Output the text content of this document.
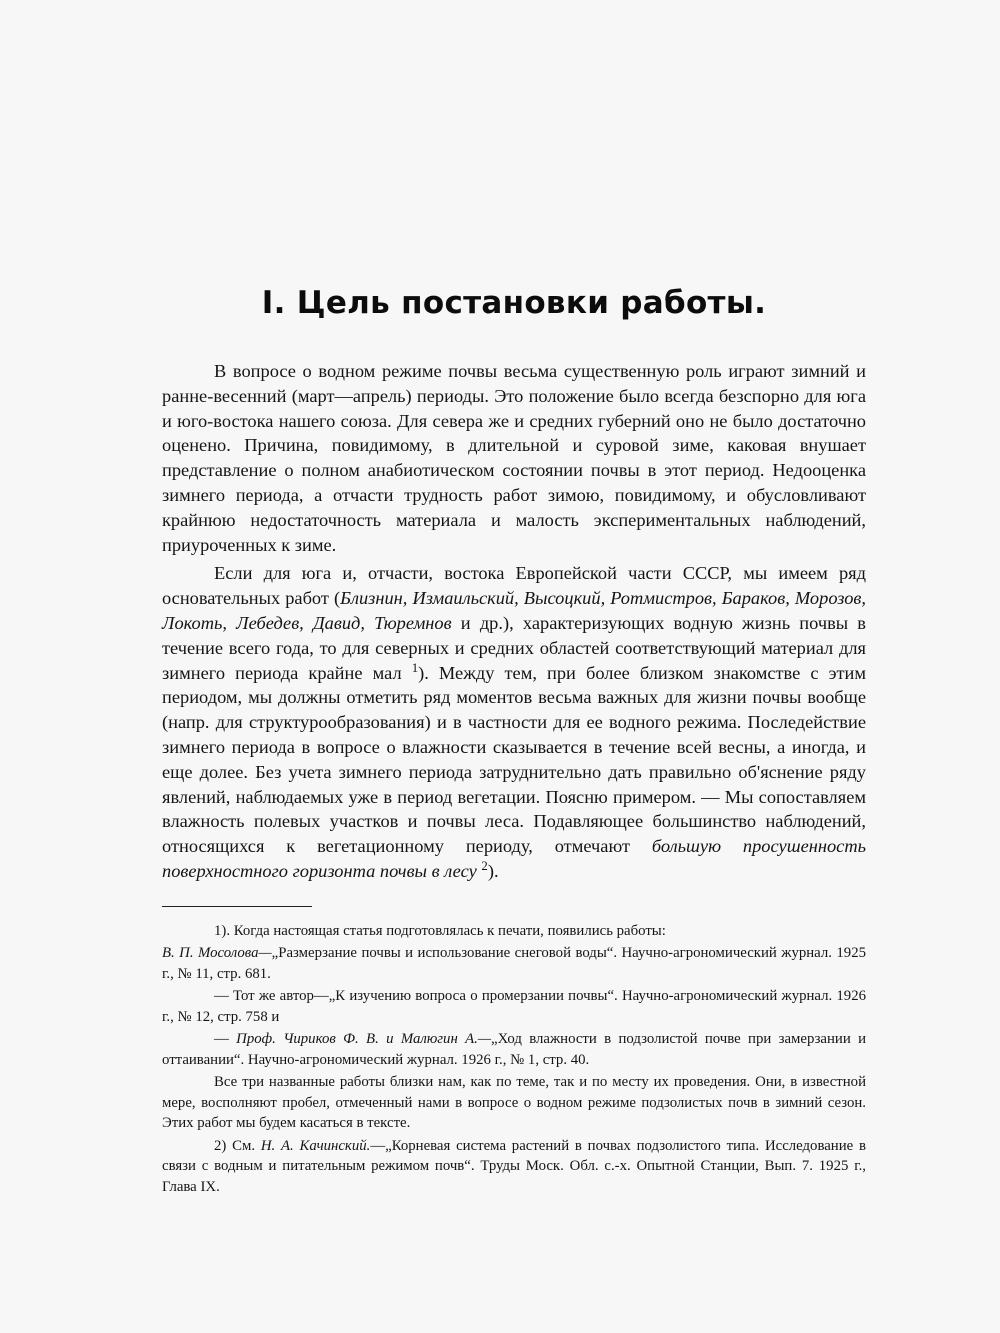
I. Цель постановки работы.

В вопросе о водном режиме почвы весьма существенную роль играют зимний и ранне-весенний (март—апрель) периоды. Это положение было всегда безспорно для юга и юго-востока нашего союза. Для севера же и средних губерний оно не было достаточно оценено. Причина, повидимому, в длительной и суровой зиме, каковая внушает представление о полном анабиотическом состоянии почвы в этот период. Недооценка зимнего периода, а отчасти трудность работ зимою, повидимому, и обусловливают крайнюю недостаточность материала и малость экспериментальных наблюдений, приуроченных к зиме.

Если для юга и, отчасти, востока Европейской части СССР, мы имеем ряд основательных работ (Близнин, Измаильский, Высоцкий, Ротмистров, Бараков, Морозов, Локоть, Лебедев, Давид, Тюремнов и др.), характеризующих водную жизнь почвы в течение всего года, то для северных и средних областей соответствующий материал для зимнего периода крайне мал $^1$). Между тем, при более близком знакомстве с этим периодом, мы должны отметить ряд моментов весьма важных для жизни почвы вообще (напр. для структурообразования) и в частности для ее водного режима. Последействие зимнего периода в вопросе о влажности сказывается в течение всей весны, а иногда, и еще долее. Без учета зимнего периода затруднительно дать правильно об'яснение ряду явлений, наблюдаемых уже в период вегетации. Поясню примером. — Мы сопоставляем влажность полевых участков и почвы леса. Подавляющее большинство наблюдений, относящихся к вегетационному периоду, отмечают большую просушенность поверхностного горизонта почвы в лесу $^2$).

1). Когда настоящая статья подготовлялась к печати, появились работы:

В. П. Мосолова—„Размерзание почвы и использование снеговой воды“. Научно-агрономический журнал. 1925 г., № 11, стр. 681.

— Тот же автор—„К изучению вопроса о промерзании почвы“. Научно-агрономический журнал. 1926 г., № 12, стр. 758 и

— Проф. Чириков Ф. В. и Малюгин А.—„Ход влажности в подзолистой почве при замерзании и оттаивании“. Научно-агрономический журнал. 1926 г., № 1, стр. 40.

Все три названные работы близки нам, как по теме, так и по месту их проведения. Они, в известной мере, восполняют пробел, отмеченный нами в вопросе о водном режиме подзолистых почв в зимний сезон. Этих работ мы будем касаться в тексте.

2) См. Н. А. Качинский.—„Корневая система растений в почвах подзолистого типа. Исследование в связи с водным и питательным режимом почв“. Труды Моск. Обл. с.-х. Опытной Станции, Вып. 7. 1925 г., Глава IX.
